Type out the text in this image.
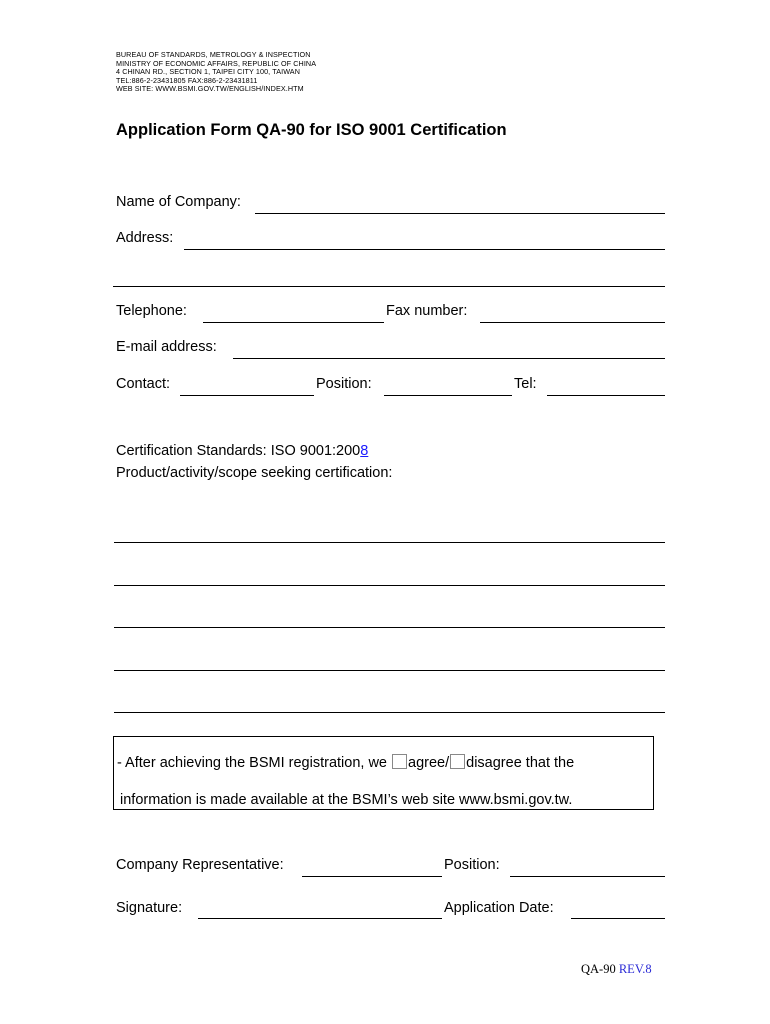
BUREAU OF STANDARDS, METROLOGY & INSPECTION
MINISTRY OF ECONOMIC AFFAIRS, REPUBLIC OF CHINA
4 CHINAN RD., SECTION 1, TAIPEI CITY 100, TAIWAN
TEL:886-2-23431805 FAX:886-2-23431811
WEB SITE: WWW.BSMI.GOV.TW/ENGLISH/INDEX.HTM
Application Form QA-90 for ISO 9001 Certification
Name of Company:
Address:
Telephone:	Fax number:
E-mail address:
Contact:	Position:	Tel:
Certification Standards: ISO 9001:2008
Product/activity/scope seeking certification:
- After achieving the BSMI registration, we agree/ disagree that the
information is made available at the BSMI’s web site www.bsmi.gov.tw.
Company Representative:	Position:
Signature:	Application Date:
QA-90 REV.8
